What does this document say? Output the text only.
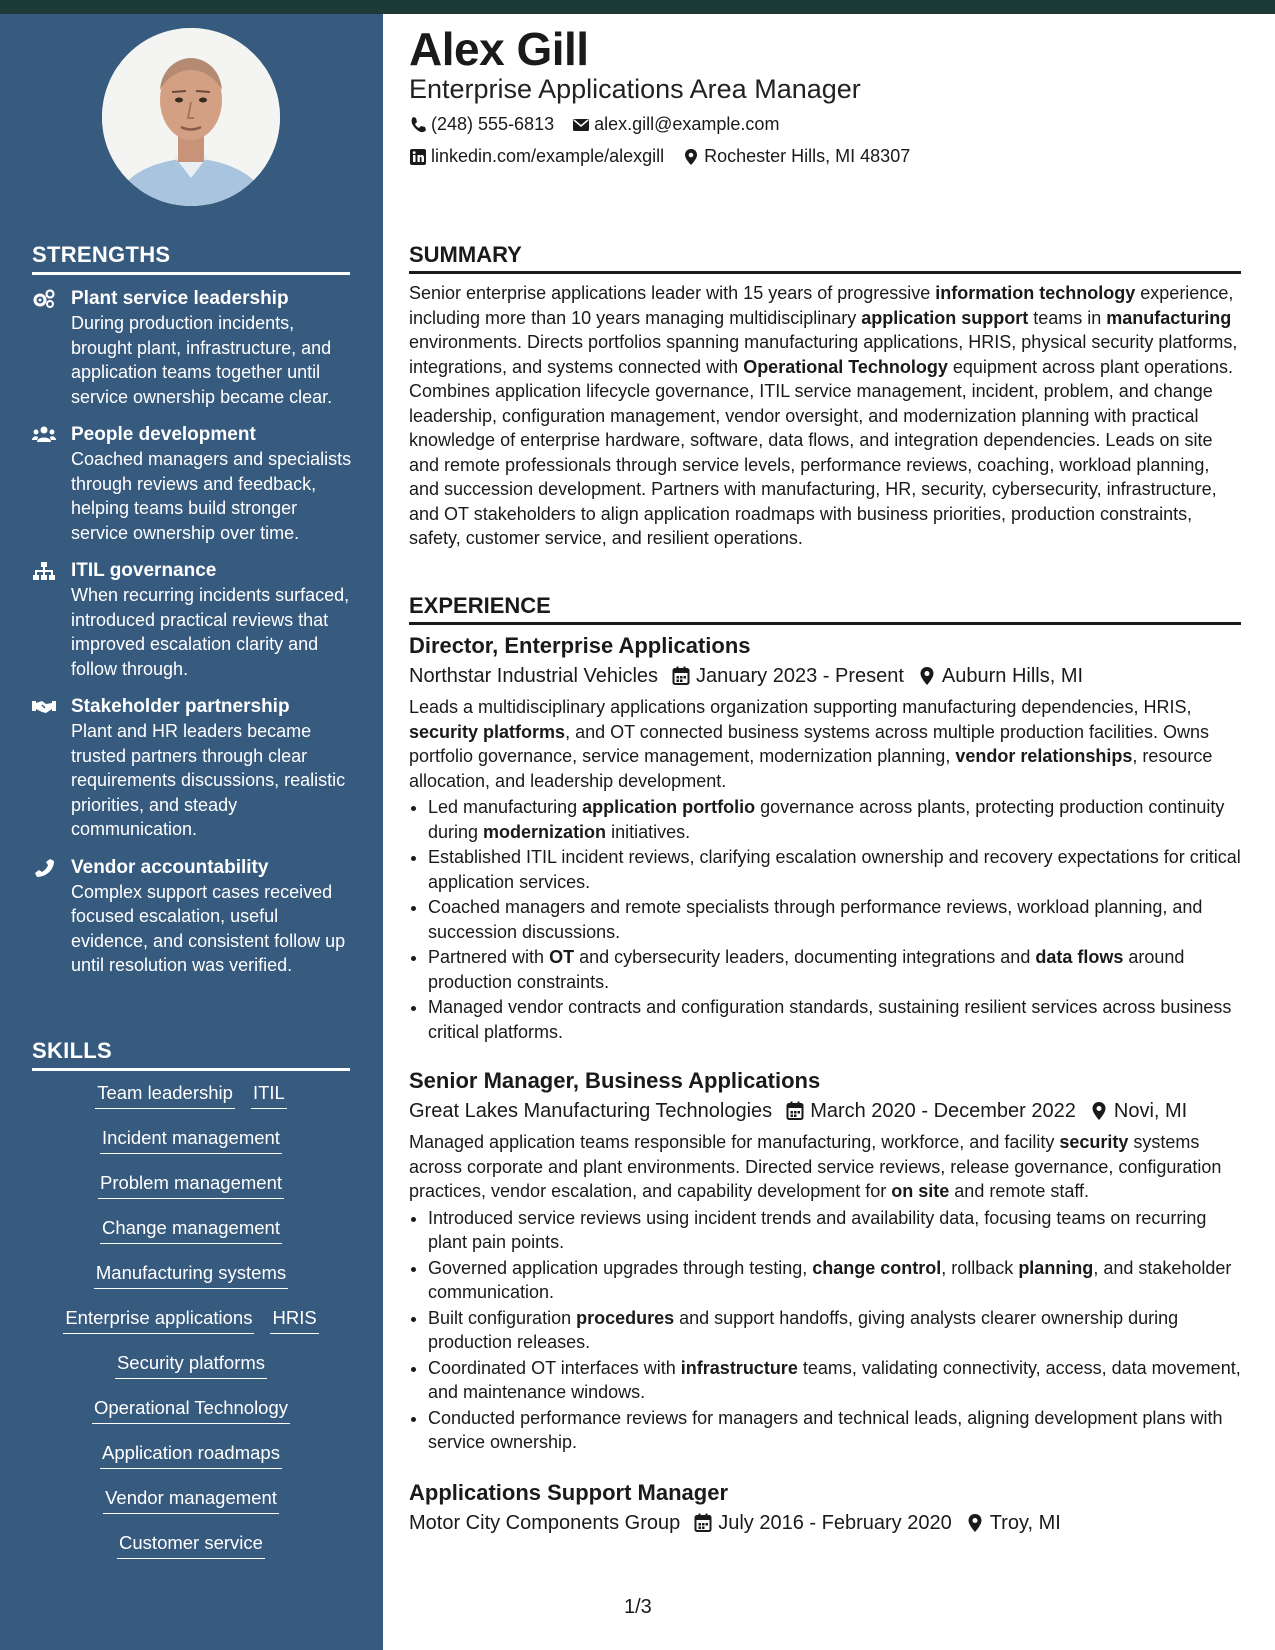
STRENGTHS
Plant service leadership
During production incidents, brought plant, infrastructure, and application teams together until service ownership became clear.
People development
Coached managers and specialists through reviews and feedback, helping teams build stronger service ownership over time.
ITIL governance
When recurring incidents surfaced, introduced practical reviews that improved escalation clarity and follow through.
Stakeholder partnership
Plant and HR leaders became trusted partners through clear requirements discussions, realistic priorities, and steady communication.
Vendor accountability
Complex support cases received focused escalation, useful evidence, and consistent follow up until resolution was verified.
SKILLS
Team leadership ITIL
Incident management
Problem management
Change management
Manufacturing systems
Enterprise applications HRIS
Security platforms
Operational Technology
Application roadmaps
Vendor management
Customer service
Alex Gill
Enterprise Applications Area Manager
(248) 555-6813 alex.gill@example.com
linkedin.com/example/alexgill Rochester Hills, MI 48307
SUMMARY
Senior enterprise applications leader with 15 years of progressive information technology experience, including more than 10 years managing multidisciplinary application support teams in manufacturing environments. Directs portfolios spanning manufacturing applications, HRIS, physical security platforms, integrations, and systems connected with Operational Technology equipment across plant operations. Combines application lifecycle governance, ITIL service management, incident, problem, and change leadership, configuration management, vendor oversight, and modernization planning with practical knowledge of enterprise hardware, software, data flows, and integration dependencies. Leads on site and remote professionals through service levels, performance reviews, coaching, workload planning, and succession development. Partners with manufacturing, HR, security, cybersecurity, infrastructure, and OT stakeholders to align application roadmaps with business priorities, production constraints, safety, customer service, and resilient operations.
EXPERIENCE
Director, Enterprise Applications
Northstar Industrial Vehicles January 2023 - Present Auburn Hills, MI
Leads a multidisciplinary applications organization supporting manufacturing dependencies, HRIS, security platforms, and OT connected business systems across multiple production facilities. Owns portfolio governance, service management, modernization planning, vendor relationships, resource allocation, and leadership development.
• Led manufacturing application portfolio governance across plants, protecting production continuity during modernization initiatives.
• Established ITIL incident reviews, clarifying escalation ownership and recovery expectations for critical application services.
• Coached managers and remote specialists through performance reviews, workload planning, and succession discussions.
• Partnered with OT and cybersecurity leaders, documenting integrations and data flows around production constraints.
• Managed vendor contracts and configuration standards, sustaining resilient services across business critical platforms.
Senior Manager, Business Applications
Great Lakes Manufacturing Technologies March 2020 - December 2022 Novi, MI
Managed application teams responsible for manufacturing, workforce, and facility security systems across corporate and plant environments. Directed service reviews, release governance, configuration practices, vendor escalation, and capability development for on site and remote staff.
• Introduced service reviews using incident trends and availability data, focusing teams on recurring plant pain points.
• Governed application upgrades through testing, change control, rollback planning, and stakeholder communication.
• Built configuration procedures and support handoffs, giving analysts clearer ownership during production releases.
• Coordinated OT interfaces with infrastructure teams, validating connectivity, access, data movement, and maintenance windows.
• Conducted performance reviews for managers and technical leads, aligning development plans with service ownership.
Applications Support Manager
Motor City Components Group July 2016 - February 2020 Troy, MI
1/3
